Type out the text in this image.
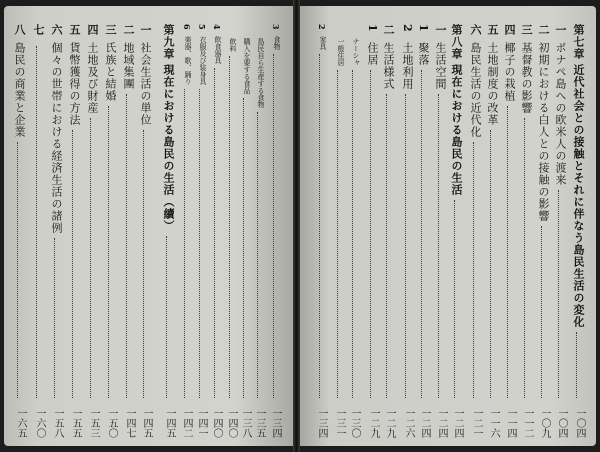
3
食物
一三四
島民自ら生産する食物
一三五
購入を要する食品
一三八
飲料
一四〇
4
飲食器具
一四〇
5
衣服及び装身具
一四一
6
楽器、歌、踊り
一四二
第九章
現在における島民の生活（續）
一四五
一
社会生活の単位
一四五
二
地域集團
一四七
三
氏族と結婚
一五〇
四
土地及び財産
一五三
五
貨幣獲得の方法
一五五
六
個々の世帯における経済生活の諸例
一五八
七
一六〇
八
島民の商業と企業
一六五
第七章
近代社会との接触とそれに伴なう島民生活の変化
一〇四
一
ポナペ島への欧米人の渡来
一〇四
二
初期における白人との接触の影響
一〇九
三
基督教の影響
一一二
四
椰子の栽植
一一四
五
土地制度の改革
一一六
六
島民生活の近代化
一二一
第八章
現在における島民の生活
一二四
一
生活空間
一二四
1
聚落
一二四
2
土地利用
一二六
二
生活様式
一二九
1
住居
一二九
ナーシャ
一三〇
一般住居
一三一
2
家具
一三四
